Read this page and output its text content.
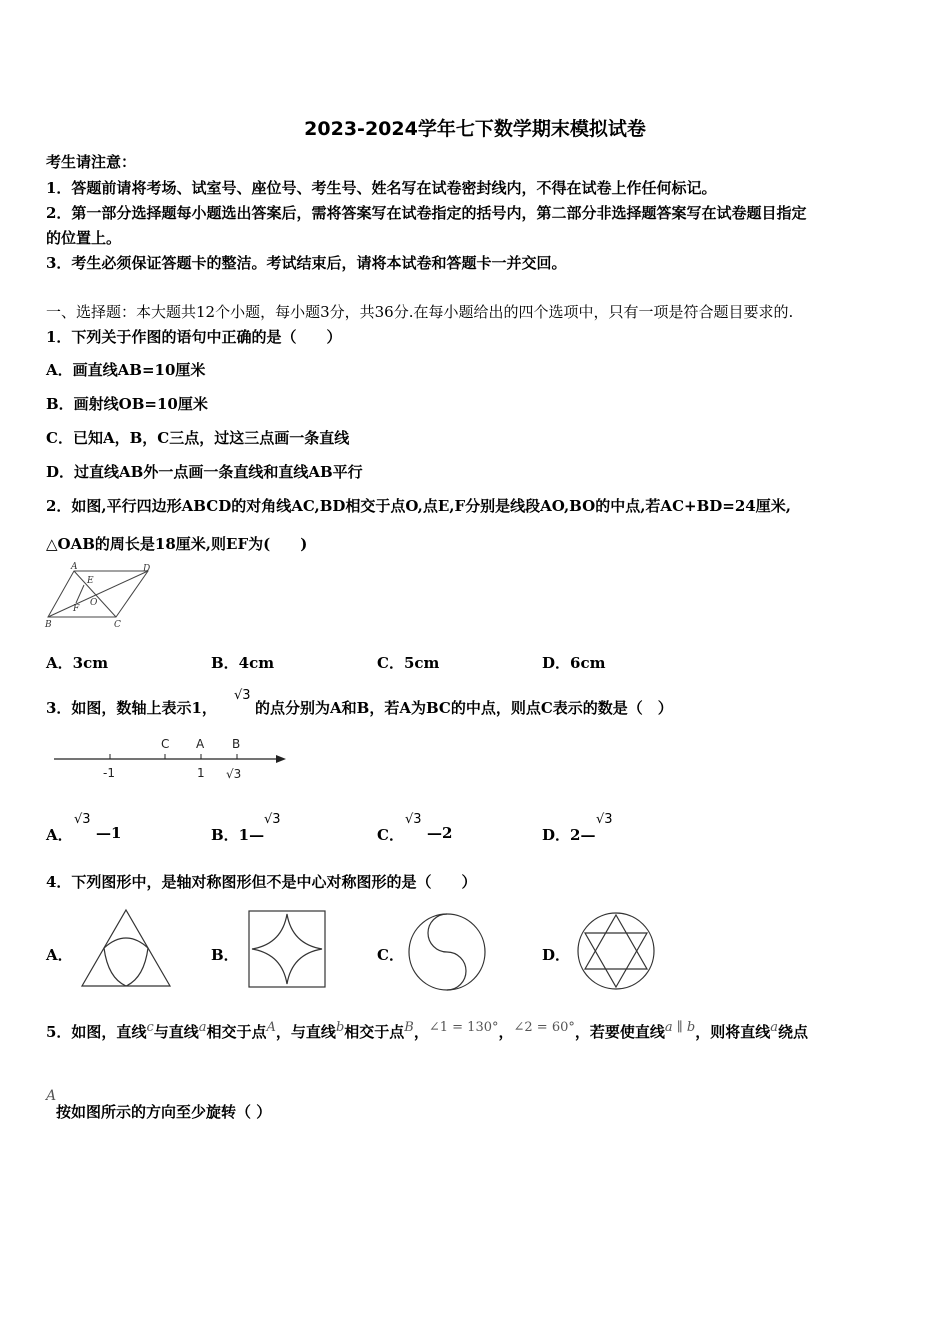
2023-2024学年七下数学期末模拟试卷
考生请注意：
1．答题前请将考场、试室号、座位号、考生号、姓名写在试卷密封线内，不得在试卷上作任何标记。
2．第一部分选择题每小题选出答案后，需将答案写在试卷指定的括号内，第二部分非选择题答案写在试卷题目指定
的位置上。
3．考生必须保证答题卡的整洁。考试结束后，请将本试卷和答题卡一并交回。
一、选择题：本大题共12个小题，每小题3分，共36分.在每小题给出的四个选项中，只有一项是符合题目要求的.
1．下列关于作图的语句中正确的是（　　）
A．画直线AB=10厘米
B．画射线OB=10厘米
C．已知A，B，C三点，过这三点画一条直线
D．过直线AB外一点画一条直线和直线AB平行
2．如图,平行四边形ABCD的对角线AC,BD相交于点O,点E,F分别是线段AO,BO的中点,若AC+BD=24厘米,
△OAB的周长是18厘米,则EF为(　　)
A	D
B	C
E
F
O
A．3cm	B．4cm	C．5cm	D．6cm
3．如图，数轴上表示1，
√3
的点分别为A和B，若A为BC的中点，则点C表示的数是（　）
C A B
-1	1 √3
A．
√3
—1	B．1—
√3
C．
√3
—2	D．2—
√3
4．下列图形中，是轴对称图形但不是中心对称图形的是（　　）
A．	B．	C．	D．
5．如图，直线c与直线a相交于点A，与直线b相交于点B，∠1 = 130°，∠2 = 60°，若要使直线a ∥ b，则将直线a绕点
A
按如图所示的方向至少旋转（ ）
